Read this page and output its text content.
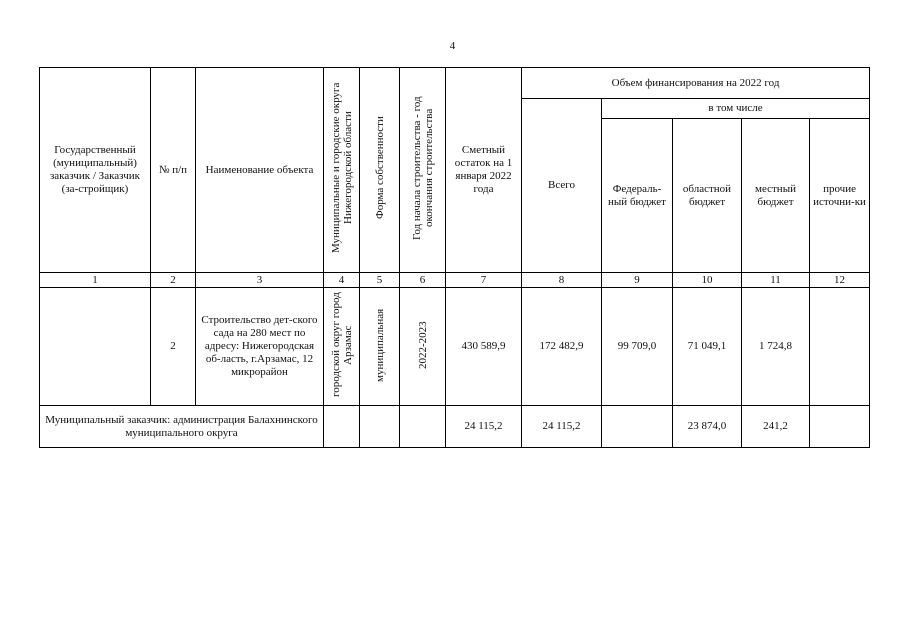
4
Государственный (муниципальный) заказчик / Заказчик (за-стройщик)	№ п/п	Наименование объекта	Муниципальные и городские округа Нижегородской области	Форма собственности	Год начала строительства - год окончания строительства	Сметный остаток на 1 января 2022 года	Объем финансирования на 2022 год				
							Всего	в том числе			
								Федераль-ный бюджет	областной бюджет	местный бюджет	прочие источни-ки
1	2	3	4	5	6	7	8	9	10	11	12
	2	Строительство дет-ского сада на 280 мест по адресу: Нижегородская об-ласть, г.Арзамас, 12 микрорайон	городской округ город Арзамас	муниципальная	2022-2023	430 589,9	172 482,9	99 709,0	71 049,1	1 724,8	
Муниципальный заказчик: администрация Балахнинского муниципального округа						24 115,2	24 115,2		23 874,0	241,2	
